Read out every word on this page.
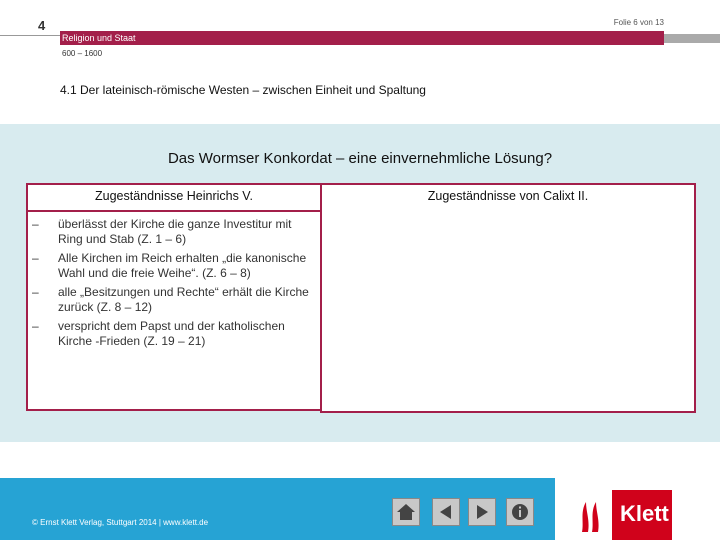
4	Folie 6 von 13
Religion und Staat
600 – 1600
4.1 Der lateinisch-römische Westen – zwischen Einheit und Spaltung
Das Wormser Konkordat – eine einvernehmliche Lösung?
Zugeständnisse Heinrichs V.	Zugeständnisse von Calixt II.
– überlässt der Kirche die ganze Investitur mit Ring und Stab (Z. 1 – 6)
– Alle Kirchen im Reich erhalten „die kanonische Wahl und die freie Weihe“. (Z. 6 – 8)
– alle „Besitzungen und Rechte“ erhält die Kirche zurück (Z. 8 – 12)
– verspricht dem Papst und der katholischen Kirche -Frieden (Z. 19 – 21)
© Ernst Klett Verlag, Stuttgart 2014 | www.klett.de	Klett
